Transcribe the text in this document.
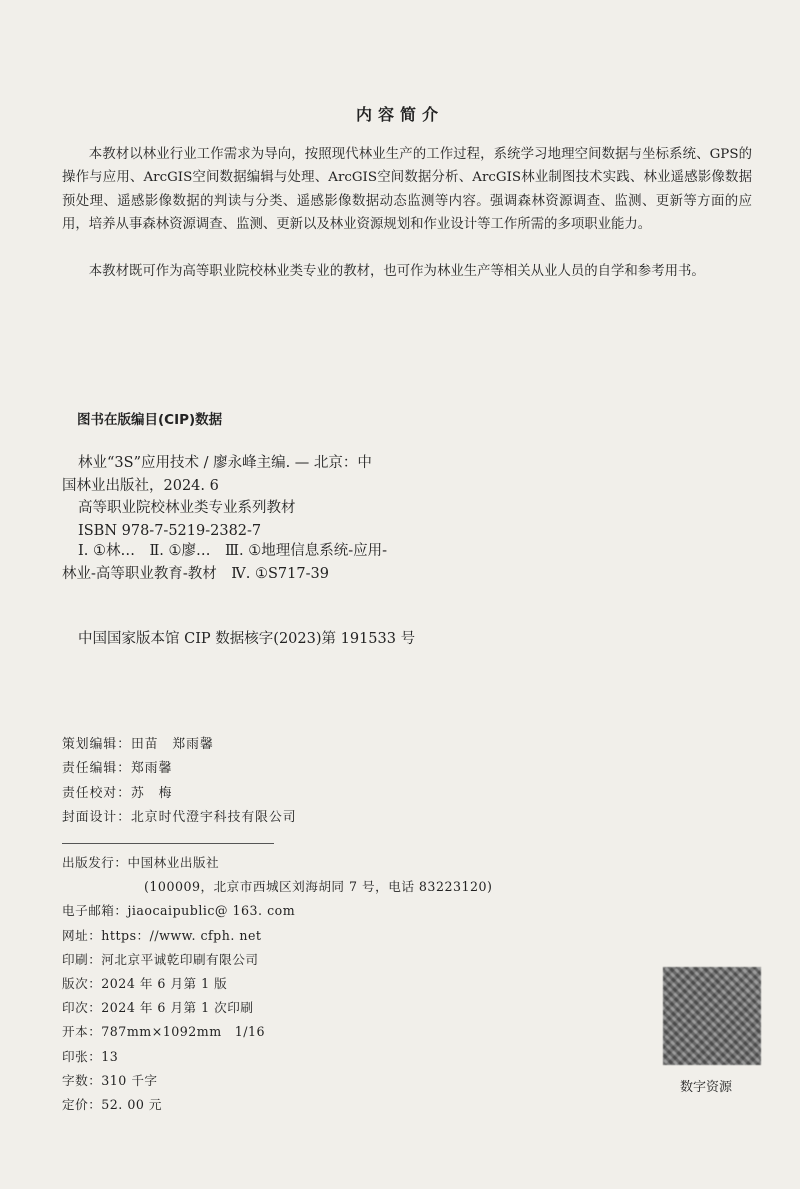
内容简介
本教材以林业行业工作需求为导向，按照现代林业生产的工作过程，系统学习地理空间数据与坐标系统、GPS的操作与应用、ArcGIS空间数据编辑与处理、ArcGIS空间数据分析、ArcGIS林业制图技术实践、林业遥感影像数据预处理、遥感影像数据的判读与分类、遥感影像数据动态监测等内容。强调森林资源调查、监测、更新等方面的应用，培养从事森林资源调查、监测、更新以及林业资源规划和作业设计等工作所需的多项职业能力。
本教材既可作为高等职业院校林业类专业的教材，也可作为林业生产等相关从业人员的自学和参考用书。
图书在版编目(CIP)数据
林业“3S”应用技术 / 廖永峰主编. — 北京：中
国林业出版社，2024. 6
高等职业院校林业类专业系列教材
ISBN 978-7-5219-2382-7
Ⅰ. ①林…　Ⅱ. ①廖…　Ⅲ. ①地理信息系统-应用-
林业-高等职业教育-教材　Ⅳ. ①S717-39
中国国家版本馆 CIP 数据核字(2023)第 191533 号
策划编辑：田苗　郑雨馨
责任编辑：郑雨馨
责任校对：苏　梅
封面设计：北京时代澄宇科技有限公司
出版发行：中国林业出版社
(100009，北京市西城区刘海胡同 7 号，电话 83223120)
电子邮箱：jiaocaipublic@ 163. com
网址：https：//www. cfph. net
印刷：河北京平诚乾印刷有限公司
版次：2024 年 6 月第 1 版
印次：2024 年 6 月第 1 次印刷
开本：787mm×1092mm　1/16
印张：13
字数：310 千字
定价：52. 00 元
数字资源
